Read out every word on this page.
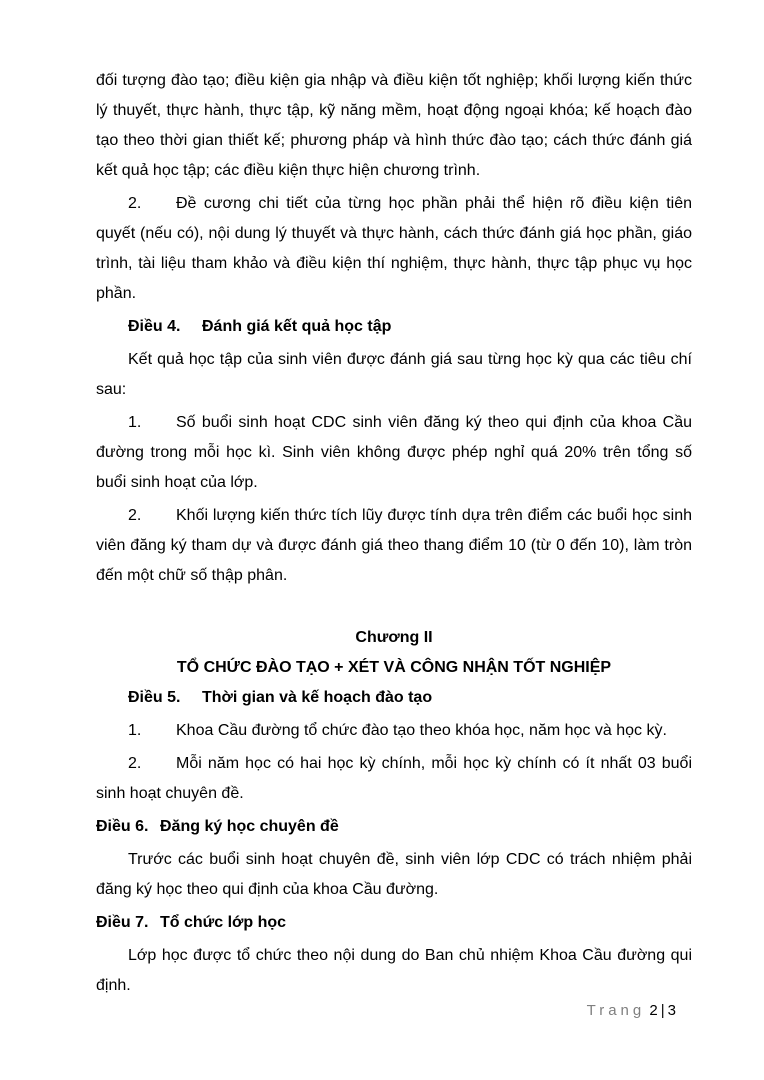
đối tượng đào tạo; điều kiện gia nhập và điều kiện tốt nghiệp; khối lượng kiến thức lý thuyết, thực hành, thực tập, kỹ năng mềm, hoạt động ngoại khóa; kế hoạch đào tạo theo thời gian thiết kế; phương pháp và hình thức đào tạo; cách thức đánh giá kết quả học tập; các điều kiện thực hiện chương trình.

2. Đề cương chi tiết của từng học phần phải thể hiện rõ điều kiện tiên quyết (nếu có), nội dung lý thuyết và thực hành, cách thức đánh giá học phần, giáo trình, tài liệu tham khảo và điều kiện thí nghiệm, thực hành, thực tập phục vụ học phần.

Điều 4. Đánh giá kết quả học tập

Kết quả học tập của sinh viên được đánh giá sau từng học kỳ qua các tiêu chí sau:

1. Số buổi sinh hoạt CDC sinh viên đăng ký theo qui định của khoa Cầu đường trong mỗi học kì. Sinh viên không được phép nghỉ quá 20% trên tổng số buổi sinh hoạt của lớp.

2. Khối lượng kiến thức tích lũy được tính dựa trên điểm các buổi học sinh viên đăng ký tham dự và được đánh giá theo thang điểm 10 (từ 0 đến 10), làm tròn đến một chữ số thập phân.

Chương II

TỔ CHỨC ĐÀO TẠO + XÉT VÀ CÔNG NHẬN TỐT NGHIỆP

Điều 5. Thời gian và kế hoạch đào tạo

1. Khoa Cầu đường tổ chức đào tạo theo khóa học, năm học và học kỳ.

2. Mỗi năm học có hai học kỳ chính, mỗi học kỳ chính có ít nhất 03 buổi sinh hoạt chuyên đề.

Điều 6. Đăng ký học chuyên đề

Trước các buổi sinh hoạt chuyên đề, sinh viên lớp CDC có trách nhiệm phải đăng ký học theo qui định của khoa Cầu đường.

Điều 7. Tổ chức lớp học

Lớp học được tổ chức theo nội dung do Ban chủ nhiệm Khoa Cầu đường qui định.

Trang 2 | 3
